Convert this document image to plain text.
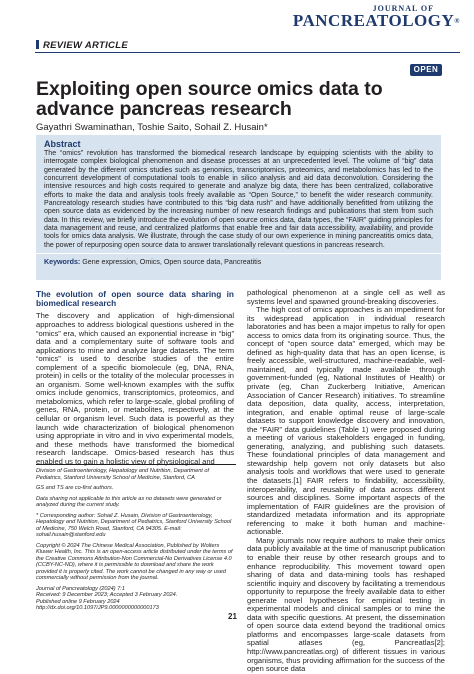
JOURNAL OF
PANCREATOLOGY®
REVIEW ARTICLE
OPEN
Exploiting open source omics data to advance pancreas research
Gayathri Swaminathan, Toshie Saito, Sohail Z. Husain*
Abstract
The “omics” revolution has transformed the biomedical research landscape by equipping scientists with the ability to interrogate complex biological phenomenon and disease processes at an unprecedented level. The volume of “big” data generated by the different omics studies such as genomics, transcriptomics, proteomics, and metabolomics has led to the concurrent development of computational tools to enable in silico analysis and aid data deconvolution. Considering the intensive resources and high costs required to generate and analyze big data, there has been centralized, collaborative efforts to make the data and analysis tools freely available as “Open Source,” to benefit the wider research community. Pancreatology research studies have contributed to this “big data rush” and have additionally benefitted from utilizing the open source data as evidenced by the increasing number of new research findings and publications that stem from such data. In this review, we briefly introduce the evolution of open source omics data, data types, the “FAIR” guiding principles for data management and reuse, and centralized platforms that enable free and fair data accessibility, availability, and provide tools for omics data analysis. We illustrate, through the case study of our own experience in mining pancreatitis omics data, the power of repurposing open source data to answer translationally relevant questions in pancreas research.
Keywords: Gene expression, Omics, Open source data, Pancreatitis
The evolution of open source data sharing in biomedical research

The discovery and application of high-dimensional approaches to address biological questions ushered in the “omics” era, which caused an exponential increase in “big” data and a complementary suite of software tools and applications to mine and analyze large datasets. The term “omics” is used to describe studies of the entire complement of a specific biomolecule (eg, DNA, RNA, protein) in cells or the totality of the molecular processes in an organism. Some well-known examples with the suffix omics include genomics, transcriptomics, proteomics, and metabolomics, which refer to large-scale, global profiling of genes, RNA, protein, or metabolites, respectively, at the cellular or organism level. Such data is powerful as they launch wide characterization of biological phenomenon using appropriate in vitro and in vivo experimental models, and these methods have transformed the biomedical research landscape. Omics-based research has thus enabled us to gain a holistic view of physiological and

Division of Gastroenterology, Hepatology and Nutrition, Department of Pediatrics, Stanford University School of Medicine, Stanford, CA

GS and TS are co-first authors.

Data sharing not applicable to this article as no datasets were generated or analyzed during the current study.

* Corresponding author: Sohail Z. Husain, Division of Gastroenterology, Hepatology and Nutrition, Department of Pediatrics, Stanford University School of Medicine, 750 Welch Road, Stanford, CA 94305. E-mail: sohail.husain@stanford.edu

Copyright © 2024 The Chinese Medical Association, Published by Wolters Kluwer Health, Inc. This is an open-access article distributed under the terms of the Creative Commons Attribution-Non Commercial-No Derivatives License 4.0 (CCBY-NC-ND), where it is permissible to download and share the work provided it is properly cited. The work cannot be changed in any way or used commercially without permission from the journal.

Journal of Pancreatology (2024) 7:1

Received: 9 December 2023; Accepted 3 February 2024.

Published online 9 February 2024

http://dx.doi.org/10.1097/JP9.0000000000000173

pathological phenomenon at a single cell as well as systems level and spawned ground-breaking discoveries.

The high cost of omics approaches is an impediment for its widespread application in individual research laboratories and has been a major impetus to rally for open access to omics data from its originating source. Thus, the concept of “open source data” emerged, which may be defined as high-quality data that has an open license, is freely accessible, well-structured, machine-readable, well-maintained, and typically made available through government-funded (eg, National Institutes of Health) or private (eg, Chan Zuckerberg Initiative, American Association of Cancer Research) initiatives. To streamline data deposition, data quality, access, interpretation, integration, and enable optimal reuse of large-scale datasets to support knowledge discovery and innovation, the “FAIR” data guidelines (Table 1) were proposed during a meeting of various stakeholders engaged in funding, generating, analyzing, and publishing such datasets. These foundational principles of data management and stewardship help govern not only datasets but also analysis tools and workflows that were used to generate the datasets.[1] FAIR refers to findability, accessibility, interoperability, and reusability of data across different sources and disciplines. Some important aspects of the implementation of FAIR guidelines are the provision of standardized metadata information and its appropriate referencing to make it both human and machine-actionable.

Many journals now require authors to make their omics data publicly available at the time of manuscript publication to enable their reuse by other research groups and to enhance reproducibility. This movement toward open sharing of data and data-mining tools has reshaped scientific inquiry and discovery by facilitating a tremendous opportunity to repurpose the freely available data to either generate novel hypotheses for empirical testing in experimental models and clinical samples or to mine the data with specific questions. At present, the dissemination of open source data extend beyond the traditional omics platforms and encompasses large-scale datasets from spatial atlases (eg, Pancreatlas[2]; http://www.pancreatlas.org) of different tissues in various organisms, thus providing affirmation for the success of the open source data

21
